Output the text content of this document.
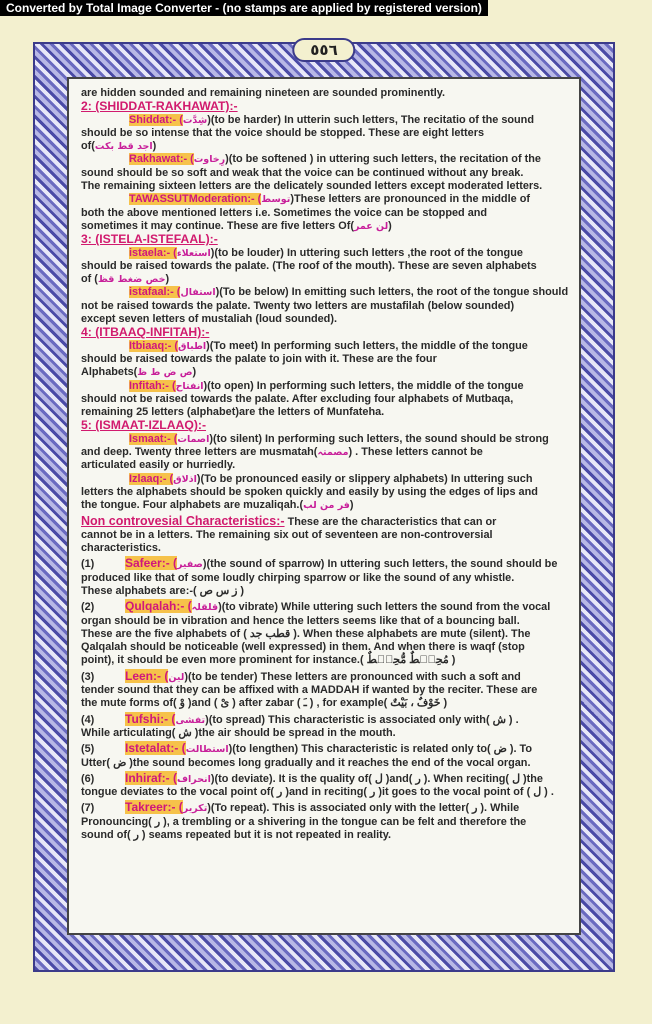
Converted by Total Image Converter - (no stamps are applied by registered version)
٥٥٦

are hidden sounded and remaining nineteen are sounded prominently.

2: (SHIDDAT-RAKHAWAT):-

Shiddat:- (شِدَّت)(to be harder) In utterin such letters, The recitatio of the sound

should be so intense that the voice should be stopped. These are eight letters

of(اجد قط بکت)

Rakhawat:- (رِخاوت)(to be softened ) in uttering such letters, the recitation of the

sound should be so soft and weak that the voice can be continued without any break.

The remaining sixteen letters are the delicately sounded letters except moderated letters.

TAWASSUTModeration:- (توسط)These letters are pronounced in the middle of

both the above mentioned letters i.e. Sometimes the voice can be stopped and

sometimes it may continue. These are five letters Of(لن عمر)

3: (ISTELA-ISTEFAAL):-

istaela:- (استعلاء)(to be louder) In uttering such letters ,the root of the tongue

should be raised towards the palate. (The roof of the mouth). These are seven alphabets

of (خص ضغط قظ)

istafaal:- (استفال)(To be below) In emitting such letters, the root of the tongue should

not be raised towards the palate. Twenty two letters are mustafilah (below sounded)

except seven letters of mustaliah (loud sounded).

4: (ITBAAQ-INFITAH):-

Itbiaaq:- (اطباق)(To meet) In performing such letters, the middle of the tongue

should be raised towards the palate to join with it. These are the four

Alphabets(ص ض ط ظ)

Infitah:- (انفتاح)(to open) In performing such letters, the middle of the tongue

should not be raised towards the palate. After excluding four alphabets of Mutbaqa,

remaining 25 letters (alphabet)are the letters of Munfateha.

5: (ISMAAT-IZLAAQ):-

Ismaat:- (اصمات)(to silent) In performing such letters, the sound should be strong

and deep. Twenty three letters are musmatah(مصمتہ) . These letters cannot be

articulated easily or hurriedly.

Izlaaq:- (اذلاق)(To be pronounced easily or slippery alphabets) In uttering such

letters the alphabets should be spoken quickly and easily by using the edges of lips and

the tongue. Four alphabets are muzaliqah.(فر من لب)

Non controvesial Characteristics:- These are the characteristics that can or

cannot be in a letters. The remaining six out of seventeen are non-controversial

characteristics.

(1)	Safeer:- (صفیر)(the sound of sparrow) In uttering such letters, the sound should be

produced like that of some loudly chirping sparrow or like the sound of any whistle.

These alphabets are:-( ز س ص )

(2)	Qulqalah:- (قلقلہ)(to vibrate) While uttering such letters the sound from the vocal

organ should be in vibration and hence the letters seems like that of a bouncing ball.

These are the five alphabets of ( قطب جد ). When these alphabets are mute (silent). The

Qalqalah should be noticeable (well expressed) in them. And when there is waqf (stop

point), it should be even more prominent for instance.( مُحِیۡطٌ مُّحِیۡطٌ )

(3)	Leen:- (لین)(to be tender) These letters are pronounced with such a soft and

tender sound that they can be affixed with a MADDAH if wanted by the reciter. These are

the mute forms of( وْ )and ( یْ ) after zabar ( ـَ ) , for example( خَوْفٌ ، بَیْتٌ )

(4)	Tufshi:- (تفشی)(to spread) This characteristic is associated only with( ش ) .

While articulating( ش )the air should be spread in the mouth.

(5)	Istetalat:- (استطالت)(to lengthen) This characteristic is related only to( ض ). To

Utter( ض )the sound becomes long gradually and it reaches the end of the vocal organ.

(6)	Inhiraf:- (انحراف)(to deviate). It is the quality of( ل )and( ر ). When reciting( ل )the

tongue deviates to the vocal point of( ر )and in reciting( ر )it goes to the vocal point of ( ل ) .

(7)	Takreer:- (تکریر)(To repeat). This is associated only with the letter( ر ). While

Pronouncing( ر ), a trembling or a shivering in the tongue can be felt and therefore the

sound of( ر ) seams repeated but it is not repeated in reality.
